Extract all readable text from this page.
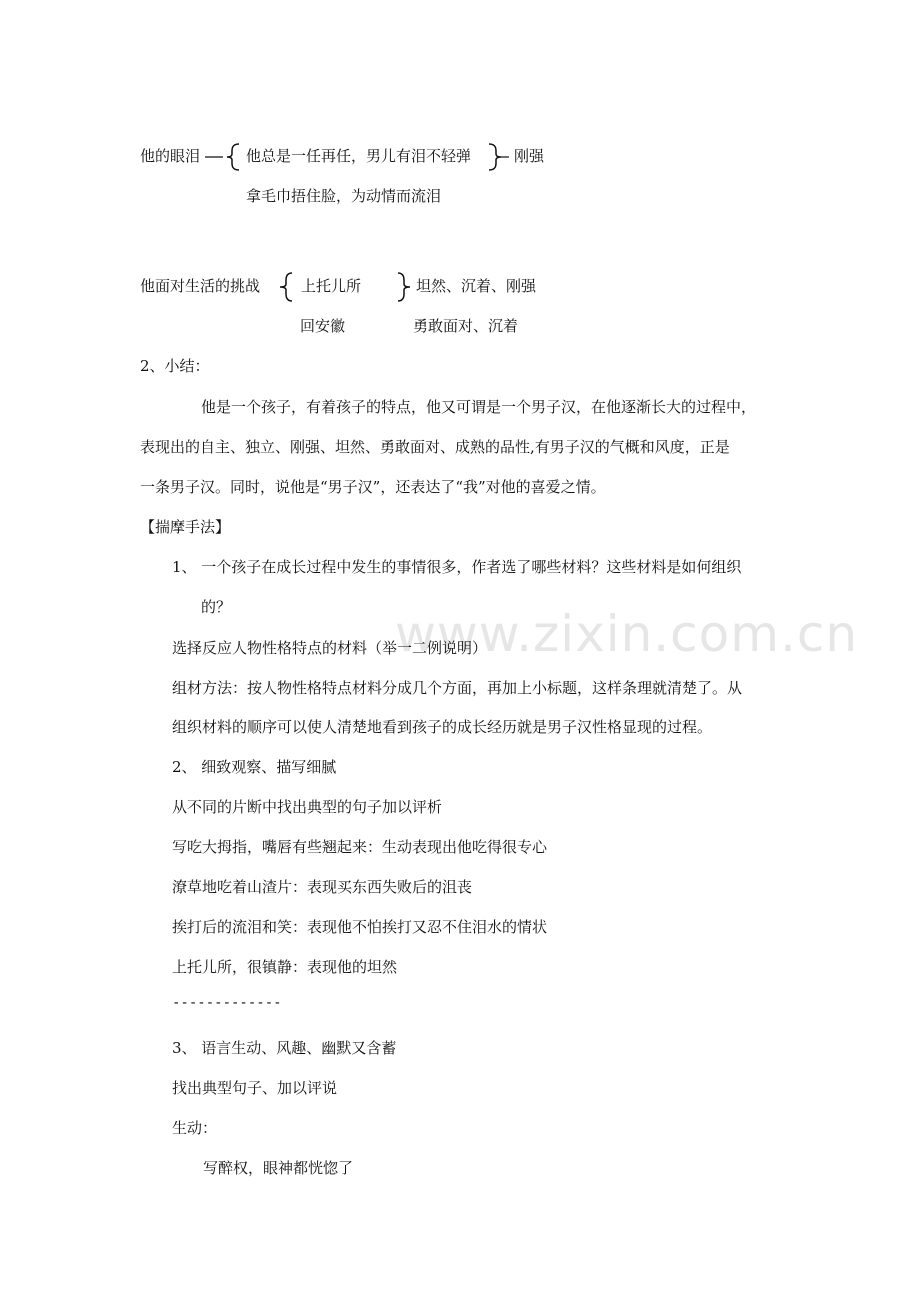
www.zixin.com.cn
他的眼泪	他总是一任再任，男儿有泪不轻弹	刚强
拿毛巾捂住脸，为动情而流泪
他面对生活的挑战	上托儿所	坦然、沉着、刚强
回安徽	勇敢面对、沉着
2、小结：
他是一个孩子，有着孩子的特点，他又可谓是一个男子汉，在他逐渐长大的过程中，
表现出的自主、独立、刚强、坦然、勇敢面对、成熟的品性,有男子汉的气概和风度，正是
一条男子汉。同时，说他是“男子汉”，还表达了“我”对他的喜爱之情。
【揣摩手法】
1、 一个孩子在成长过程中发生的事情很多，作者选了哪些材料？这些材料是如何组织
的？
选择反应人物性格特点的材料（举一二例说明）
组材方法：按人物性格特点材料分成几个方面，再加上小标题，这样条理就清楚了。从
组织材料的顺序可以使人清楚地看到孩子的成长经历就是男子汉性格显现的过程。
2、 细致观察、描写细腻
从不同的片断中找出典型的句子加以评析
写吃大拇指，嘴唇有些翘起来：生动表现出他吃得很专心
潦草地吃着山渣片：表现买东西失败后的沮丧
挨打后的流泪和笑：表现他不怕挨打又忍不住泪水的情状
上托儿所，很镇静：表现他的坦然
-------------
3、 语言生动、风趣、幽默又含蓄
找出典型句子、加以评说
生动：
写醉权，眼神都恍惚了
